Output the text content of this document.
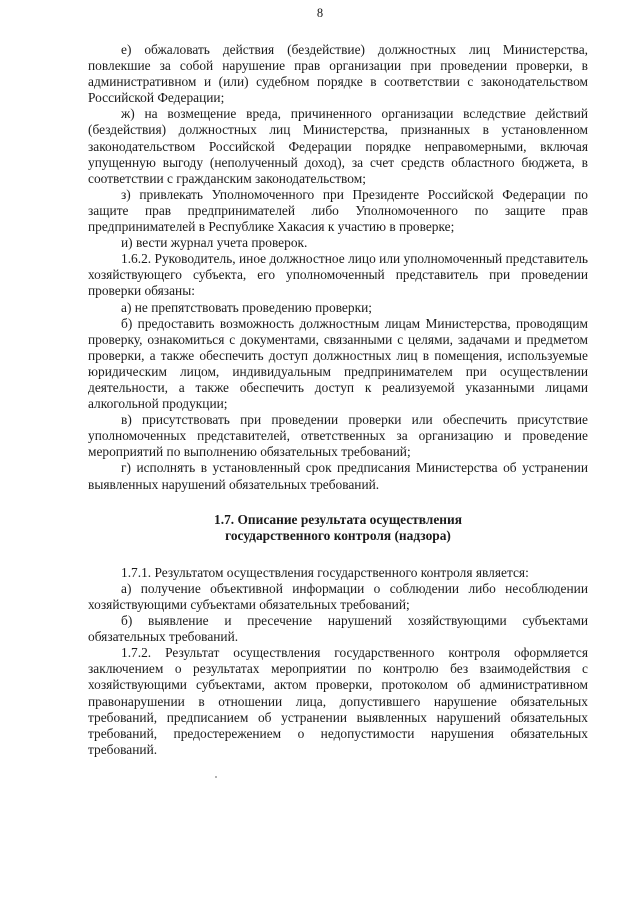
8

е) обжаловать действия (бездействие) должностных лиц Министерства, повлекшие за собой нарушение прав организации при проведении проверки, в административном и (или) судебном порядке в соответствии с законодательством Российской Федерации;

ж) на возмещение вреда, причиненного организации вследствие действий (бездействия) должностных лиц Министерства, признанных в установленном законодательством Российской Федерации порядке неправомерными, включая упущенную выгоду (неполученный доход), за счет средств областного бюджета, в соответствии с гражданским законодательством;

з) привлекать Уполномоченного при Президенте Российской Федерации по защите прав предпринимателей либо Уполномоченного по защите прав предпринимателей в Республике Хакасия к участию в проверке;

и) вести журнал учета проверок.

1.6.2. Руководитель, иное должностное лицо или уполномоченный представитель хозяйствующего субъекта, его уполномоченный представитель при проведении проверки обязаны:

а) не препятствовать проведению проверки;

б) предоставить возможность должностным лицам Министерства, проводящим проверку, ознакомиться с документами, связанными с целями, задачами и предметом проверки, а также обеспечить доступ должностных лиц в помещения, используемые юридическим лицом, индивидуальным предпринимателем при осуществлении деятельности, а также обеспечить доступ к реализуемой указанными лицами алкогольной продукции;

в) присутствовать при проведении проверки или обеспечить присутствие уполномоченных представителей, ответственных за организацию и проведение мероприятий по выполнению обязательных требований;

г) исполнять в установленный срок предписания Министерства об устранении выявленных нарушений обязательных требований.

1.7. Описание результата осуществления

государственного контроля (надзора)

1.7.1. Результатом осуществления государственного контроля является:

а) получение объективной информации о соблюдении либо несоблюдении хозяйствующими субъектами обязательных требований;

б) выявление и пресечение нарушений хозяйствующими субъектами обязательных требований.

1.7.2. Результат осуществления государственного контроля оформляется заключением о результатах мероприятии по контролю без взаимодействия с хозяйствующими субъектами, актом проверки, протоколом об административном правонарушении в отношении лица, допустившего нарушение обязательных требований, предписанием об устранении выявленных нарушений обязательных требований, предостережением о недопустимости нарушения обязательных требований.
